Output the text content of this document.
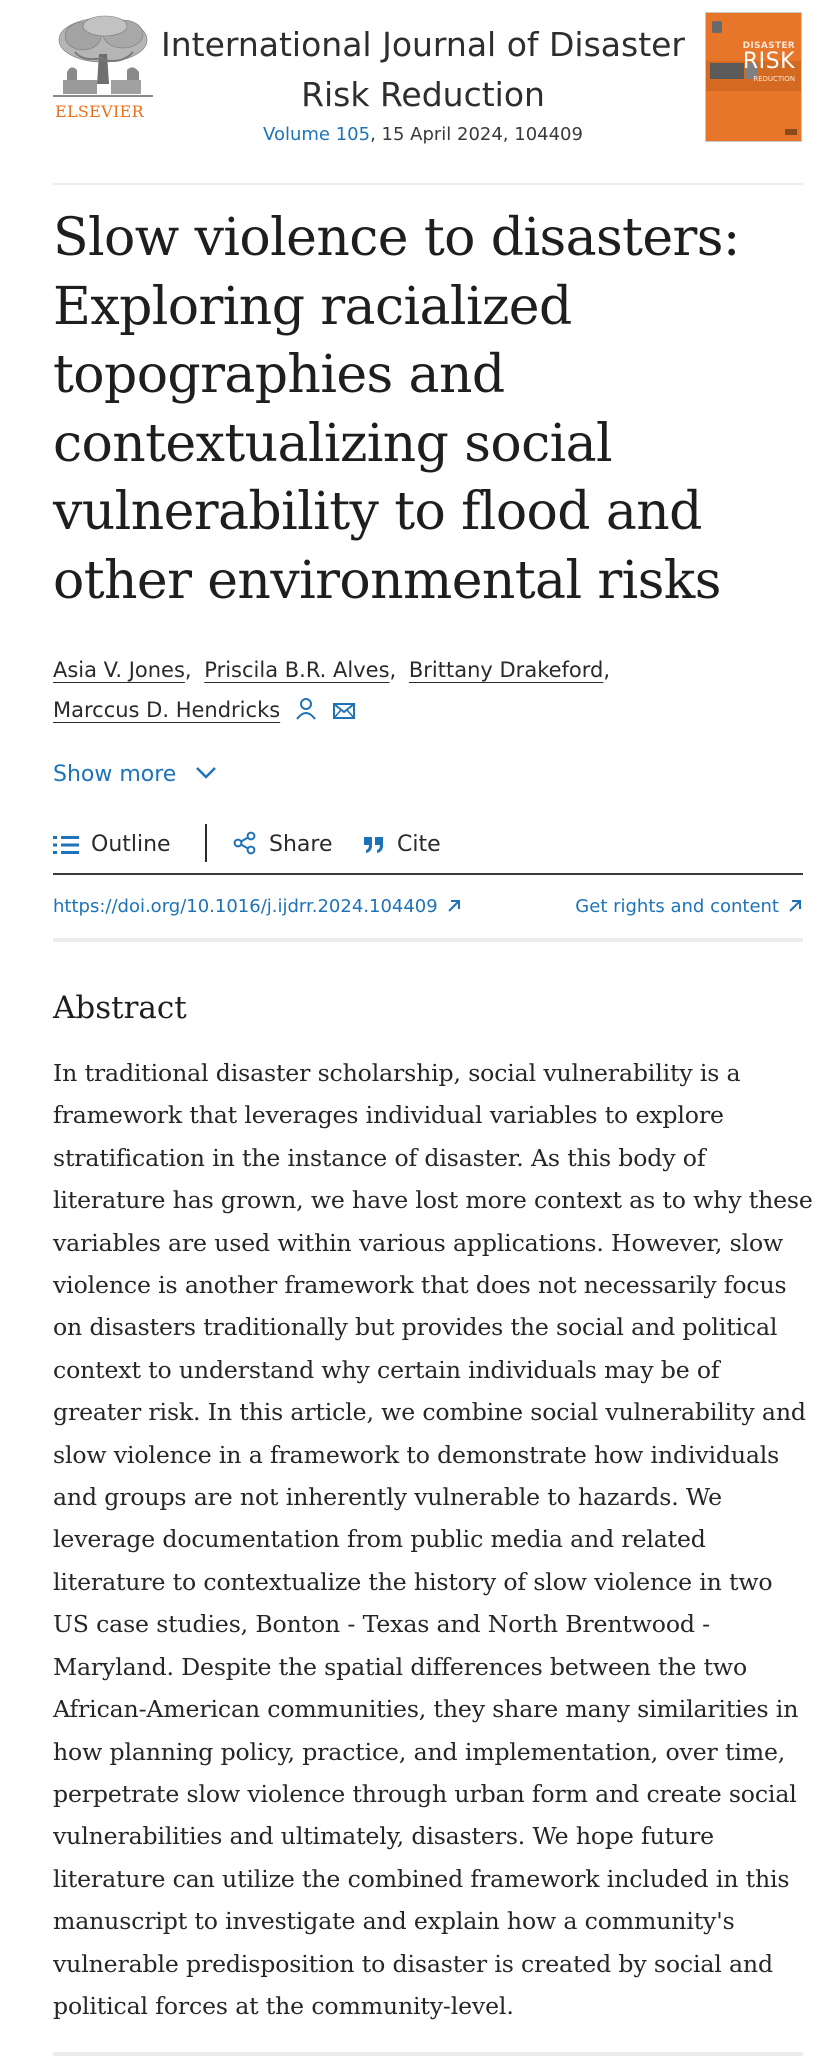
ELSEVIER
International Journal of Disaster Risk Reduction
Volume 105, 15 April 2024, 104409
DISASTER
RISK
REDUCTION
Slow violence to disasters: Exploring racialized topographies and contextualizing social vulnerability to flood and other environmental risks
Asia V. Jones, Priscila B.R. Alves, Brittany Drakeford,
Marccus D. Hendricks
Show more
Outline	Share	Cite
https://doi.org/10.1016/j.ijdrr.2024.104409	Get rights and content
Abstract

In traditional disaster scholarship, social vulnerability is a framework that leverages individual variables to explore stratification in the instance of disaster. As this body of literature has grown, we have lost more context as to why these variables are used within various applications. However, slow violence is another framework that does not necessarily focus on disasters traditionally but provides the social and political context to understand why certain individuals may be of greater risk. In this article, we combine social vulnerability and slow violence in a framework to demonstrate how individuals and groups are not inherently vulnerable to hazards. We leverage documentation from public media and related literature to contextualize the history of slow violence in two US case studies, Bonton - Texas and North Brentwood - Maryland. Despite the spatial differences between the two African-American communities, they share many similarities in how planning policy, practice, and implementation, over time, perpetrate slow violence through urban form and create social vulnerabilities and ultimately, disasters. We hope future literature can utilize the combined framework included in this manuscript to investigate and explain how a community's vulnerable predisposition to disaster is created by social and political forces at the community-level.
